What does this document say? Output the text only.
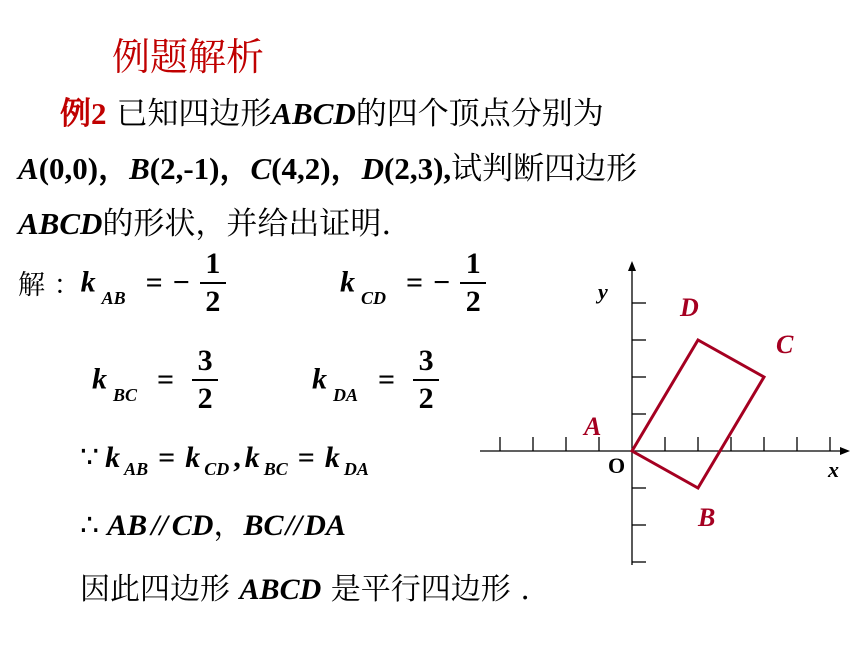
例题解析
例2 已知四边形ABCD的四个顶点分别为
A(0,0)，B(2,-1)，C(4,2)，D(2,3),试判断四边形
ABCD的形状，并给出证明.
解 ：k $_{AB}$ = − $\frac{1}{2}$	k $_{CD}$ = − $\frac{1}{2}$
k $_{BC} = \frac{3}{2}$	k $_{DA} = \frac{3}{2}$
∵ k $_{AB}$ = k $_{CD}$ , k $_{BC}$ = k $_{DA}$
∴ AB // CD，BC//DA
因此四边形 ABCD 是平行四边形 .
A
B
C
D
x
y
O
